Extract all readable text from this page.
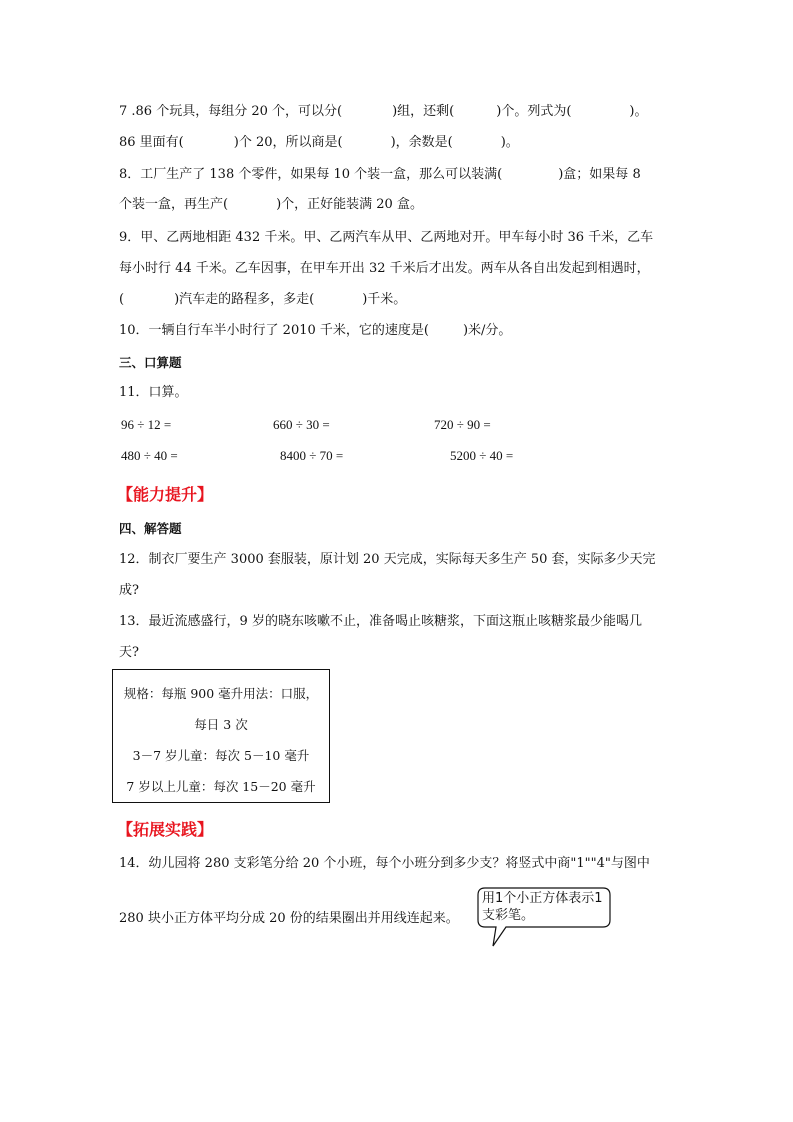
7 .86 个玩具，每组分 20 个，可以分(	)组，还剩(	)个。列式为(	)。
86 里面有(	)个 20，所以商是(	)，余数是(	)。
8．工厂生产了 138 个零件，如果每 10 个装一盒，那么可以装满(	)盒；如果每 8
个装一盒，再生产(	)个，正好能装满 20 盒。
9．甲、乙两地相距 432 千米。甲、乙两汽车从甲、乙两地对开。甲车每小时 36 千米，乙车
每小时行 44 千米。乙车因事，在甲车开出 32 千米后才出发。两车从各自出发起到相遇时，
(	)汽车走的路程多，多走(	)千米。
10．一辆自行车半小时行了 2010 千米，它的速度是(	)米/分。
三、口算题
11．口算。
96 ÷ 12 =	660 ÷ 30 =	720 ÷ 90 =
480 ÷ 40 =	8400 ÷ 70 =	5200 ÷ 40 =
【能力提升】
四、解答题
12．制衣厂要生产 3000 套服装，原计划 20 天完成，实际每天多生产 50 套，实际多少天完
成?
13．最近流感盛行，9 岁的晓东咳嗽不止，准备喝止咳糖浆，下面这瓶止咳糖浆最少能喝几
天?
规格：每瓶 900 毫升用法：口服，
每日 3 次
3－7 岁儿童：每次 5－10 毫升
7 岁以上儿童：每次 15－20 毫升
【拓展实践】
14．幼儿园将 280 支彩笔分给 20 个小班，每个小班分到多少支？将竖式中商"1""4"与图中
280 块小正方体平均分成 20 份的结果圈出并用线连起来。
用1个小正方体表示1支彩笔。
